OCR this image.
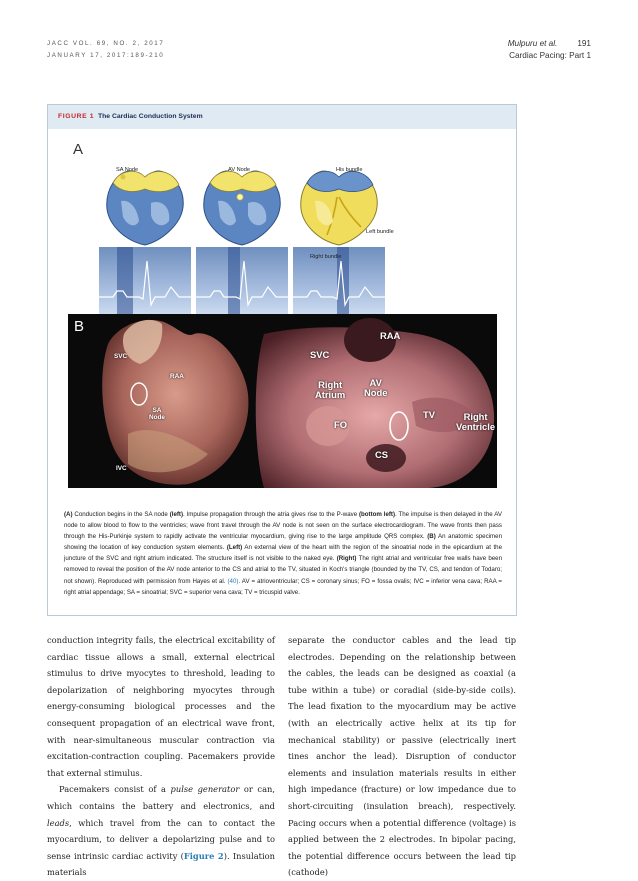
JACC VOL. 69, NO. 2, 2017
JANUARY 17, 2017:189-210
Mulpuru et al. 191
Cardiac Pacing: Part 1
FIGURE 1 The Cardiac Conduction System
A
SA Node	AV Node	His bundle
Left bundle
Right bundle
B
SVC
RAA
SA
Node
IVC
RAA
SVC
Right
Atrium
AV
Node
FO
TV	Right
Ventricle
CS
(A) Conduction begins in the SA node (left). Impulse propagation through the atria gives rise to the P-wave (bottom left). The impulse is then delayed in the AV node to allow blood to flow to the ventricles; wave front travel through the AV node is not seen on the surface electrocardiogram. The wave fronts then pass through the His-Purkinje system to rapidly activate the ventricular myocardium, giving rise to the large amplitude QRS complex. (B) An anatomic specimen showing the location of key conduction system elements. (Left) An external view of the heart with the region of the sinoatrial node in the epicardium at the juncture of the SVC and right atrium indicated. The structure itself is not visible to the naked eye. (Right) The right atrial and ventricular free walls have been removed to reveal the position of the AV node anterior to the CS and atrial to the TV, situated in Koch's triangle (bounded by the TV, CS, and tendon of Todaro; not shown). Reproduced with permission from Hayes et al. (40). AV = atrioventricular; CS = coronary sinus; FO = fossa ovalis; IVC = inferior vena cava; RAA = right atrial appendage; SA = sinoatrial; SVC = superior vena cava; TV = tricuspid valve.

conduction integrity fails, the electrical excitability of cardiac tissue allows a small, external electrical stimulus to drive myocytes to threshold, leading to depolarization of neighboring myocytes through energy-consuming biological processes and the consequent propagation of an electrical wave front, with near-simultaneous muscular contraction via excitation-contraction coupling. Pacemakers provide that external stimulus.

Pacemakers consist of a pulse generator or can, which contains the battery and electronics, and leads, which travel from the can to contact the myocardium, to deliver a depolarizing pulse and to sense intrinsic cardiac activity (Figure 2). Insulation materials

separate the conductor cables and the lead tip electrodes. Depending on the relationship between the cables, the leads can be designed as coaxial (a tube within a tube) or coradial (side-by-side coils). The lead fixation to the myocardium may be active (with an electrically active helix at its tip for mechanical stability) or passive (electrically inert tines anchor the lead). Disruption of conductor elements and insulation materials results in either high impedance (fracture) or low impedance due to short-circuiting (insulation breach), respectively. Pacing occurs when a potential difference (voltage) is applied between the 2 electrodes. In bipolar pacing, the potential difference occurs between the lead tip (cathode)
